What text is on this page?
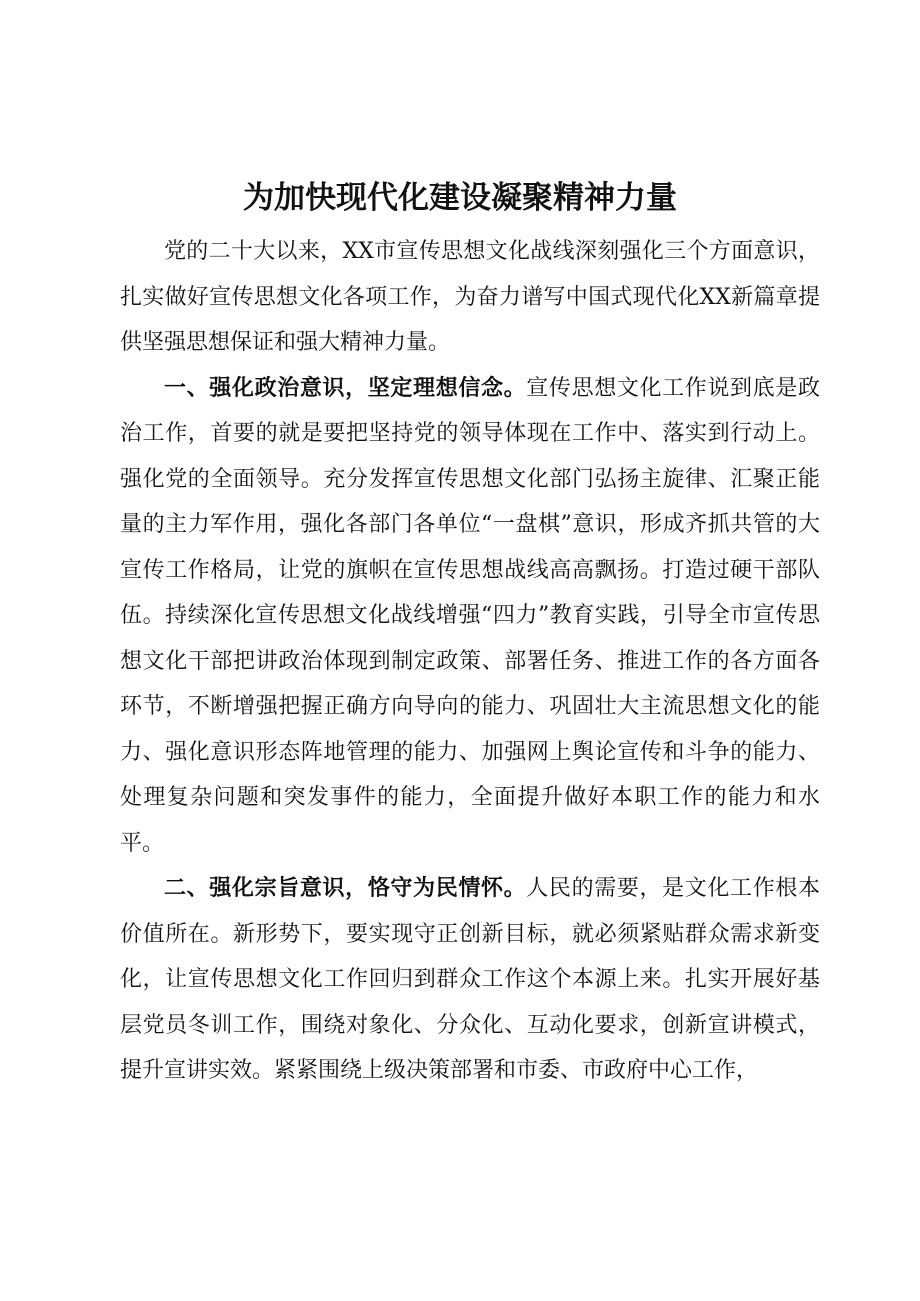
为加快现代化建设凝聚精神力量

党的二十大以来，XX市宣传思想文化战线深刻强化三个方面意识，扎实做好宣传思想文化各项工作，为奋力谱写中国式现代化XX新篇章提供坚强思想保证和强大精神力量。

一、强化政治意识，坚定理想信念。宣传思想文化工作说到底是政治工作，首要的就是要把坚持党的领导体现在工作中、落实到行动上。强化党的全面领导。充分发挥宣传思想文化部门弘扬主旋律、汇聚正能量的主力军作用，强化各部门各单位“一盘棋”意识，形成齐抓共管的大宣传工作格局，让党的旗帜在宣传思想战线高高飘扬。打造过硬干部队伍。持续深化宣传思想文化战线增强“四力”教育实践，引导全市宣传思想文化干部把讲政治体现到制定政策、部署任务、推进工作的各方面各环节，不断增强把握正确方向导向的能力、巩固壮大主流思想文化的能力、强化意识形态阵地管理的能力、加强网上舆论宣传和斗争的能力、处理复杂问题和突发事件的能力，全面提升做好本职工作的能力和水平。

二、强化宗旨意识，恪守为民情怀。人民的需要，是文化工作根本价值所在。新形势下，要实现守正创新目标，就必须紧贴群众需求新变化，让宣传思想文化工作回归到群众工作这个本源上来。扎实开展好基层党员冬训工作，围绕对象化、分众化、互动化要求，创新宣讲模式，提升宣讲实效。紧紧围绕上级决策部署和市委、市政府中心工作，
